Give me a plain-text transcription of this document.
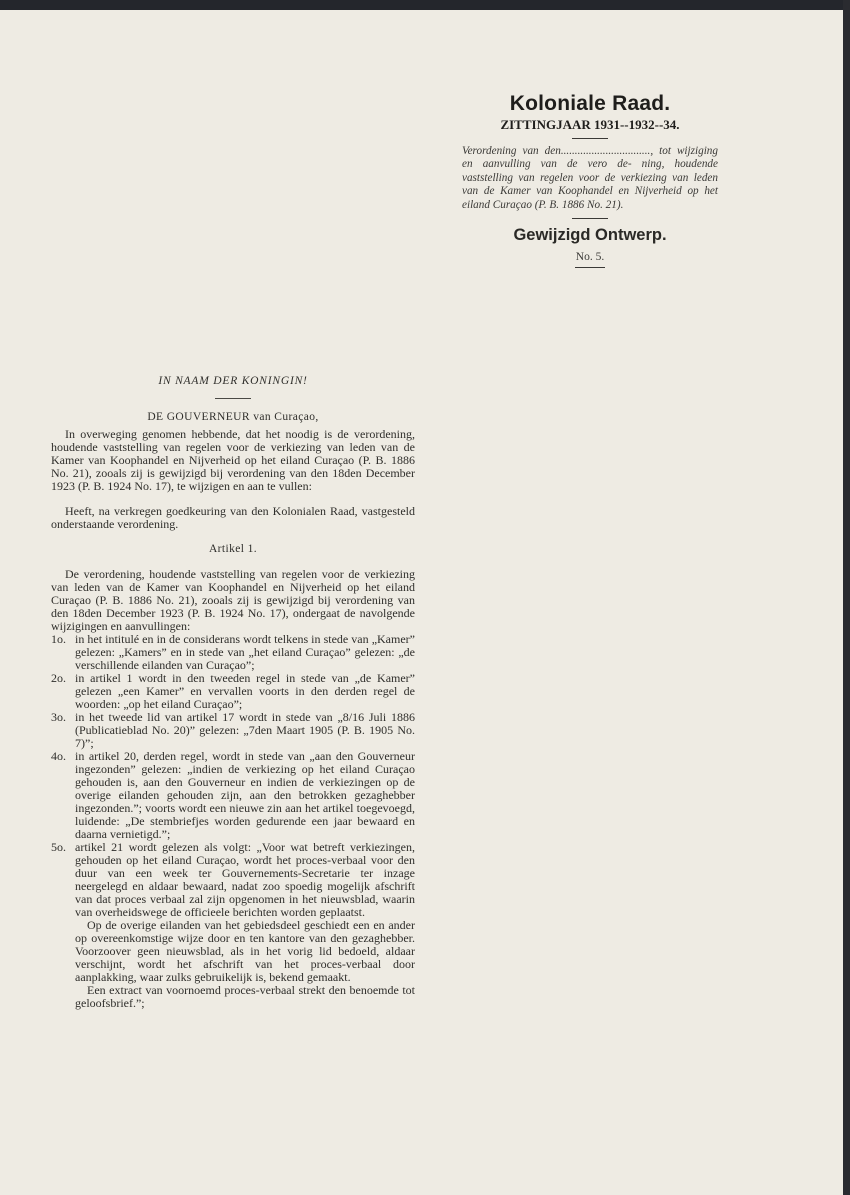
Koloniale Raad.

ZITTINGJAAR 1931--1932--34.

Verordening van den................................, tot wijziging en aanvulling van de vero de- ning, houdende vaststelling van regelen voor de verkiezing van leden van de Kamer van Koophandel en Nijverheid op het eiland Curaçao (P. B. 1886 No. 21).

Gewijzigd Ontwerp.

No. 5.
IN NAAM DER KONINGIN!
DE GOUVERNEUR van Curaçao,

In overweging genomen hebbende, dat het noodig is de verordening, houdende vaststelling van regelen voor de verkiezing van leden van de Kamer van Koophandel en Nijverheid op het eiland Curaçao (P. B. 1886 No. 21), zooals zij is gewijzigd bij verordening van den 18den December 1923 (P. B. 1924 No. 17), te wijzigen en aan te vullen:

Heeft, na verkregen goedkeuring van den Kolonialen Raad, vastgesteld onderstaande verordening.

Artikel 1.

De verordening, houdende vaststelling van regelen voor de verkiezing van leden van de Kamer van Koophandel en Nijverheid op het eiland Curaçao (P. B. 1886 No. 21), zooals zij is gewijzigd bij verordening van den 18den December 1923 (P. B. 1924 No. 17), ondergaat de navolgende wijzigingen en aanvullingen:

1o. in het intitulé en in de considerans wordt telkens in stede van „Kamer” gelezen: „Kamers” en in stede van „het eiland Curaçao” gelezen: „de verschillende eilanden van Curaçao”;
2o. in artikel 1 wordt in den tweeden regel in stede van „de Kamer” gelezen „een Kamer” en vervallen voorts in den derden regel de woorden: „op het eiland Curaçao”;
3o. in het tweede lid van artikel 17 wordt in stede van „8/16 Juli 1886 (Publicatieblad No. 20)” gelezen: „7den Maart 1905 (P. B. 1905 No. 7)”;
4o. in artikel 20, derden regel, wordt in stede van „aan den Gouverneur ingezonden” gelezen: „indien de verkiezing op het eiland Curaçao gehouden is, aan den Gouverneur en indien de verkiezingen op de overige eilanden gehouden zijn, aan den betrokken gezaghebber ingezonden.”; voorts wordt een nieuwe zin aan het artikel toegevoegd, luidende: „De stembriefjes worden gedurende een jaar bewaard en daarna vernietigd.”;
5o. artikel 21 wordt gelezen als volgt: „Voor wat betreft verkiezingen, gehouden op het eiland Curaçao, wordt het proces-verbaal voor den duur van een week ter Gouvernements-Secretarie ter inzage neergelegd en aldaar bewaard, nadat zoo spoedig mogelijk afschrift van dat proces verbaal zal zijn opgenomen in het nieuwsblad, waarin van overheidswege de officieele berichten worden geplaatst.

Op de overige eilanden van het gebiedsdeel geschiedt een en ander op overeenkomstige wijze door en ten kantore van den gezaghebber. Voorzoover geen nieuwsblad, als in het vorig lid bedoeld, aldaar verschijnt, wordt het afschrift van het proces-verbaal door aanplakking, waar zulks gebruikelijk is, bekend gemaakt.

Een extract van voornoemd proces-verbaal strekt den benoemde tot geloofsbrief.”;
